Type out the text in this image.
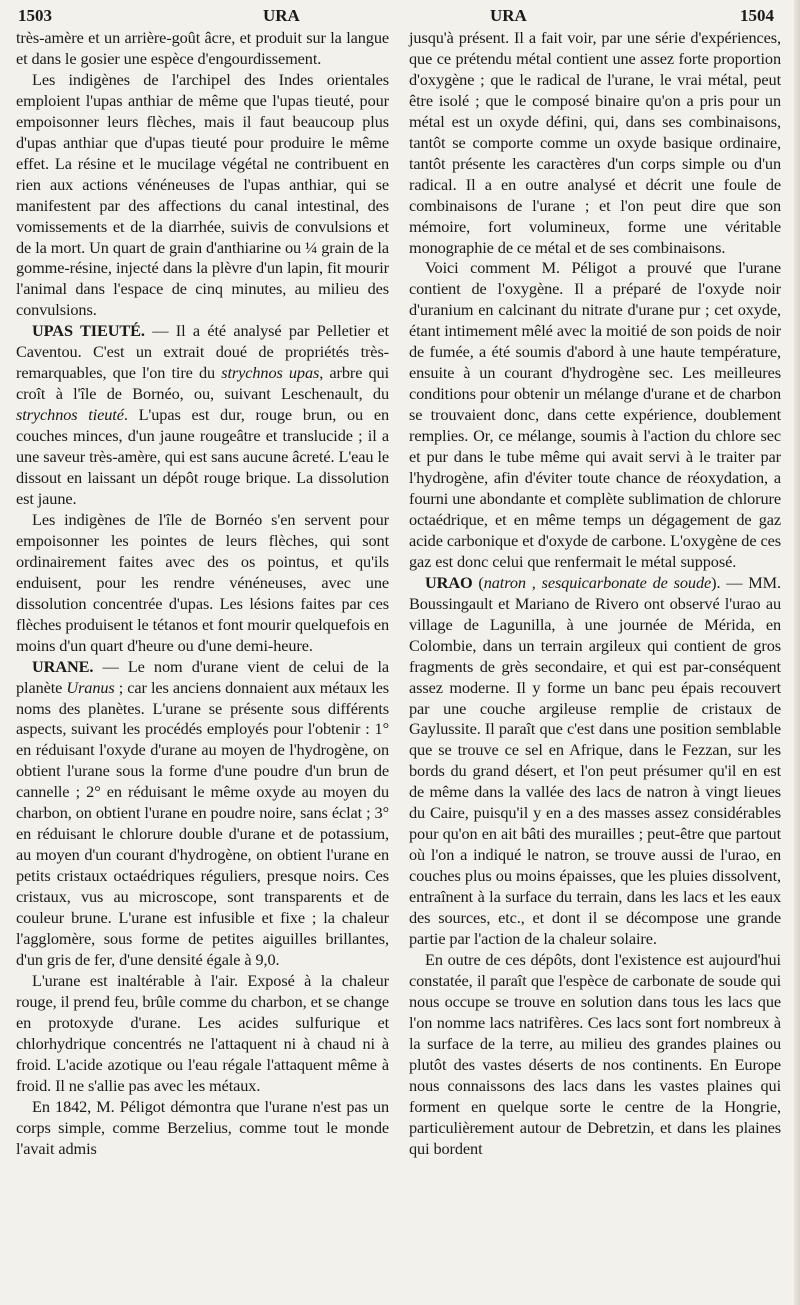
1503	URA	URA	1504

très-amère et un arrière-goût âcre, et produit sur la langue et dans le gosier une espèce d'engourdissement.

Les indigènes de l'archipel des Indes orientales emploient l'upas anthiar de même que l'upas tieuté, pour empoisonner leurs flèches, mais il faut beaucoup plus d'upas anthiar que d'upas tieuté pour produire le même effet. La résine et le mucilage végétal ne contribuent en rien aux actions vénéneuses de l'upas anthiar, qui se manifestent par des affections du canal intestinal, des vomissements et de la diarrhée, suivis de convulsions et de la mort. Un quart de grain d'anthiarine ou ¼ grain de la gomme-résine, injecté dans la plèvre d'un lapin, fit mourir l'animal dans l'espace de cinq minutes, au milieu des convulsions.

UPAS TIEUTÉ. — Il a été analysé par Pelletier et Caventou. C'est un extrait doué de propriétés très-remarquables, que l'on tire du strychnos upas, arbre qui croît à l'île de Bornéo, ou, suivant Leschenault, du strychnos tieuté. L'upas est dur, rouge brun, ou en couches minces, d'un jaune rougeâtre et translucide ; il a une saveur très-amère, qui est sans aucune âcreté. L'eau le dissout en laissant un dépôt rouge brique. La dissolution est jaune.

Les indigènes de l'île de Bornéo s'en servent pour empoisonner les pointes de leurs flèches, qui sont ordinairement faites avec des os pointus, et qu'ils enduisent, pour les rendre vénéneuses, avec une dissolution concentrée d'upas. Les lésions faites par ces flèches produisent le tétanos et font mourir quelquefois en moins d'un quart d'heure ou d'une demi-heure.

URANE. — Le nom d'urane vient de celui de la planète Uranus ; car les anciens donnaient aux métaux les noms des planètes. L'urane se présente sous différents aspects, suivant les procédés employés pour l'obtenir : 1° en réduisant l'oxyde d'urane au moyen de l'hydrogène, on obtient l'urane sous la forme d'une poudre d'un brun de cannelle ; 2° en réduisant le même oxyde au moyen du charbon, on obtient l'urane en poudre noire, sans éclat ; 3° en réduisant le chlorure double d'urane et de potassium, au moyen d'un courant d'hydrogène, on obtient l'urane en petits cristaux octaédriques réguliers, presque noirs. Ces cristaux, vus au microscope, sont transparents et de couleur brune. L'urane est infusible et fixe ; la chaleur l'agglomère, sous forme de petites aiguilles brillantes, d'un gris de fer, d'une densité égale à 9,0.

L'urane est inaltérable à l'air. Exposé à la chaleur rouge, il prend feu, brûle comme du charbon, et se change en protoxyde d'urane. Les acides sulfurique et chlorhydrique concentrés ne l'attaquent ni à chaud ni à froid. L'acide azotique ou l'eau régale l'attaquent même à froid. Il ne s'allie pas avec les métaux.

En 1842, M. Péligot démontra que l'urane n'est pas un corps simple, comme Berzelius, comme tout le monde l'avait admis

jusqu'à présent. Il a fait voir, par une série d'expériences, que ce prétendu métal contient une assez forte proportion d'oxygène ; que le radical de l'urane, le vrai métal, peut être isolé ; que le composé binaire qu'on a pris pour un métal est un oxyde défini, qui, dans ses combinaisons, tantôt se comporte comme un oxyde basique ordinaire, tantôt présente les caractères d'un corps simple ou d'un radical. Il a en outre analysé et décrit une foule de combinaisons de l'urane ; et l'on peut dire que son mémoire, fort volumineux, forme une véritable monographie de ce métal et de ses combinaisons.

Voici comment M. Péligot a prouvé que l'urane contient de l'oxygène. Il a préparé de l'oxyde noir d'uranium en calcinant du nitrate d'urane pur ; cet oxyde, étant intimement mêlé avec la moitié de son poids de noir de fumée, a été soumis d'abord à une haute température, ensuite à un courant d'hydrogène sec. Les meilleures conditions pour obtenir un mélange d'urane et de charbon se trouvaient donc, dans cette expérience, doublement remplies. Or, ce mélange, soumis à l'action du chlore sec et pur dans le tube même qui avait servi à le traiter par l'hydrogène, afin d'éviter toute chance de réoxydation, a fourni une abondante et complète sublimation de chlorure octaédrique, et en même temps un dégagement de gaz acide carbonique et d'oxyde de carbone. L'oxygène de ces gaz est donc celui que renfermait le métal supposé.

URAO (natron , sesquicarbonate de soude). — MM. Boussingault et Mariano de Rivero ont observé l'urao au village de Lagunilla, à une journée de Mérida, en Colombie, dans un terrain argileux qui contient de gros fragments de grès secondaire, et qui est par-conséquent assez moderne. Il y forme un banc peu épais recouvert par une couche argileuse remplie de cristaux de Gaylussite. Il paraît que c'est dans une position semblable que se trouve ce sel en Afrique, dans le Fezzan, sur les bords du grand désert, et l'on peut présumer qu'il en est de même dans la vallée des lacs de natron à vingt lieues du Caire, puisqu'il y en a des masses assez considérables pour qu'on en ait bâti des murailles ; peut-être que partout où l'on a indiqué le natron, se trouve aussi de l'urao, en couches plus ou moins épaisses, que les pluies dissolvent, entraînent à la surface du terrain, dans les lacs et les eaux des sources, etc., et dont il se décompose une grande partie par l'action de la chaleur solaire.

En outre de ces dépôts, dont l'existence est aujourd'hui constatée, il paraît que l'espèce de carbonate de soude qui nous occupe se trouve en solution dans tous les lacs que l'on nomme lacs natrifères. Ces lacs sont fort nombreux à la surface de la terre, au milieu des grandes plaines ou plutôt des vastes déserts de nos continents. En Europe nous connaissons des lacs dans les vastes plaines qui forment en quelque sorte le centre de la Hongrie, particulièrement autour de Debretzin, et dans les plaines qui bordent
